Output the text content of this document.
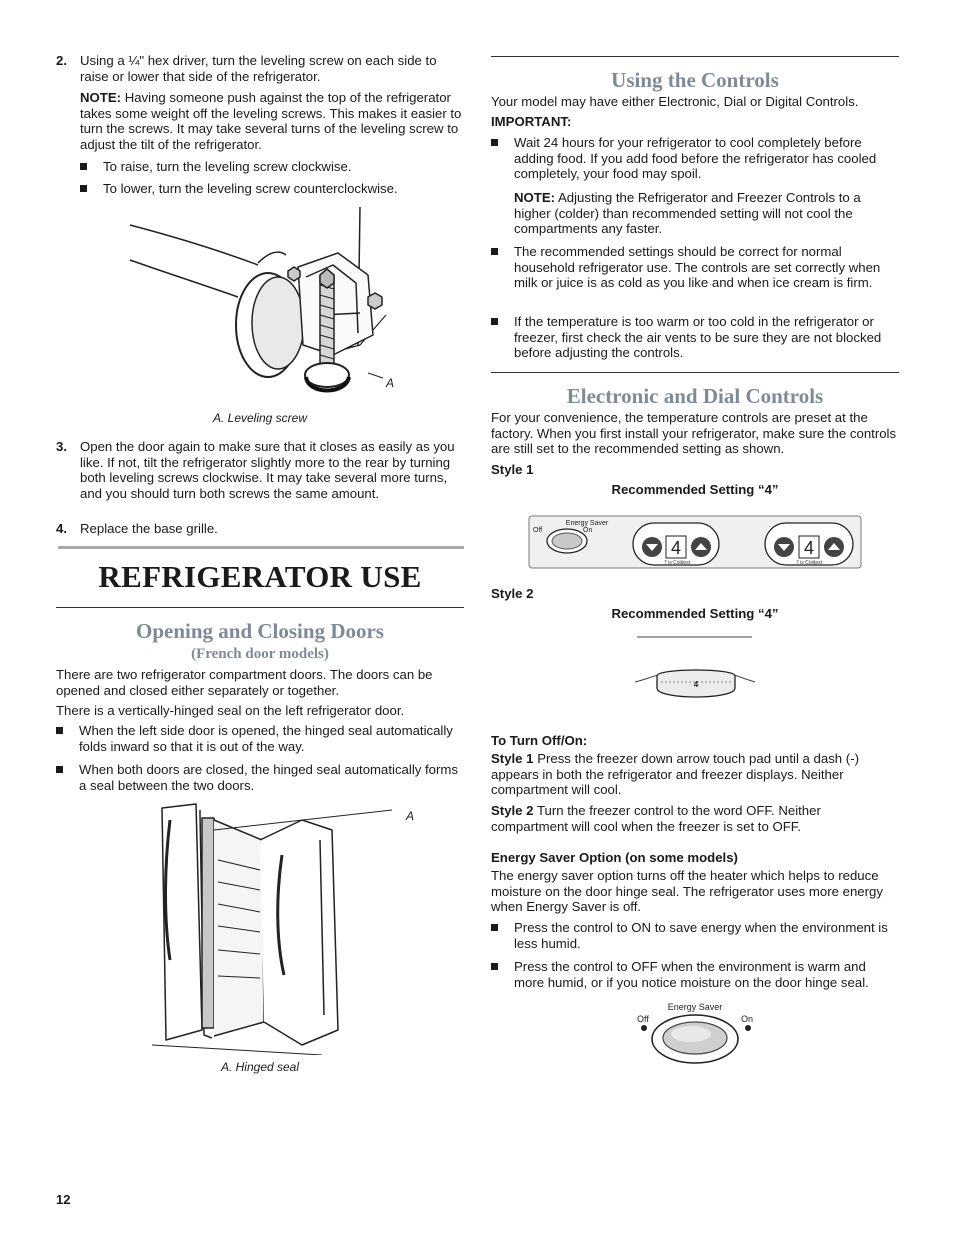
2. Using a ¼" hex driver, turn the leveling screw on each side to raise or lower that side of the refrigerator.

NOTE: Having someone push against the top of the refrigerator takes some weight off the leveling screws. This makes it easier to turn the screws. It may take several turns of the leveling screw to adjust the tilt of the refrigerator.

To raise, turn the leveling screw clockwise.
To lower, turn the leveling screw counterclockwise.
A
A. Leveling screw
3. Open the door again to make sure that it closes as easily as you like. If not, tilt the refrigerator slightly more to the rear by turning both leveling screws clockwise. It may take several more turns, and you should turn both screws the same amount.
4. Replace the base grille.
REFRIGERATOR USE
Opening and Closing Doors
(French door models)

There are two refrigerator compartment doors. The doors can be opened and closed either separately or together.

There is a vertically-hinged seal on the left refrigerator door.

When the left side door is opened, the hinged seal automatically folds inward so that it is out of the way.
When both doors are closed, the hinged seal automatically forms a seal between the two doors.
A
A. Hinged seal
12
Using the Controls

Your model may have either Electronic, Dial or Digital Controls.

IMPORTANT:

Wait 24 hours for your refrigerator to cool completely before adding food. If you add food before the refrigerator has cooled completely, your food may spoil.

NOTE: Adjusting the Refrigerator and Freezer Controls to a higher (colder) than recommended setting will not cool the compartments any faster.

The recommended settings should be correct for normal household refrigerator use. The controls are set correctly when milk or juice is as cold as you like and when ice cream is firm.
If the temperature is too warm or too cold in the refrigerator or freezer, first check the air vents to be sure they are not blocked before adjusting the controls.
Electronic and Dial Controls

For your convenience, the temperature controls are preset at the factory. When you first install your refrigerator, make sure the controls are still set to the recommended setting as shown.

Style 1

Recommended Setting “4”

Off
Energy Saver
On
4
7 is Coldest
4
7 is Coldest

Style 2

Recommended Setting “4”

4

To Turn Off/On:

Style 1 Press the freezer down arrow touch pad until a dash (-) appears in both the refrigerator and freezer displays. Neither compartment will cool.

Style 2 Turn the freezer control to the word OFF. Neither compartment will cool when the freezer is set to OFF.

Energy Saver Option (on some models)

The energy saver option turns off the heater which helps to reduce moisture on the door hinge seal. The refrigerator uses more energy when Energy Saver is off.

Press the control to ON to save energy when the environment is less humid.
Press the control to OFF when the environment is warm and more humid, or if you notice moisture on the door hinge seal.
Energy Saver
Off	On
